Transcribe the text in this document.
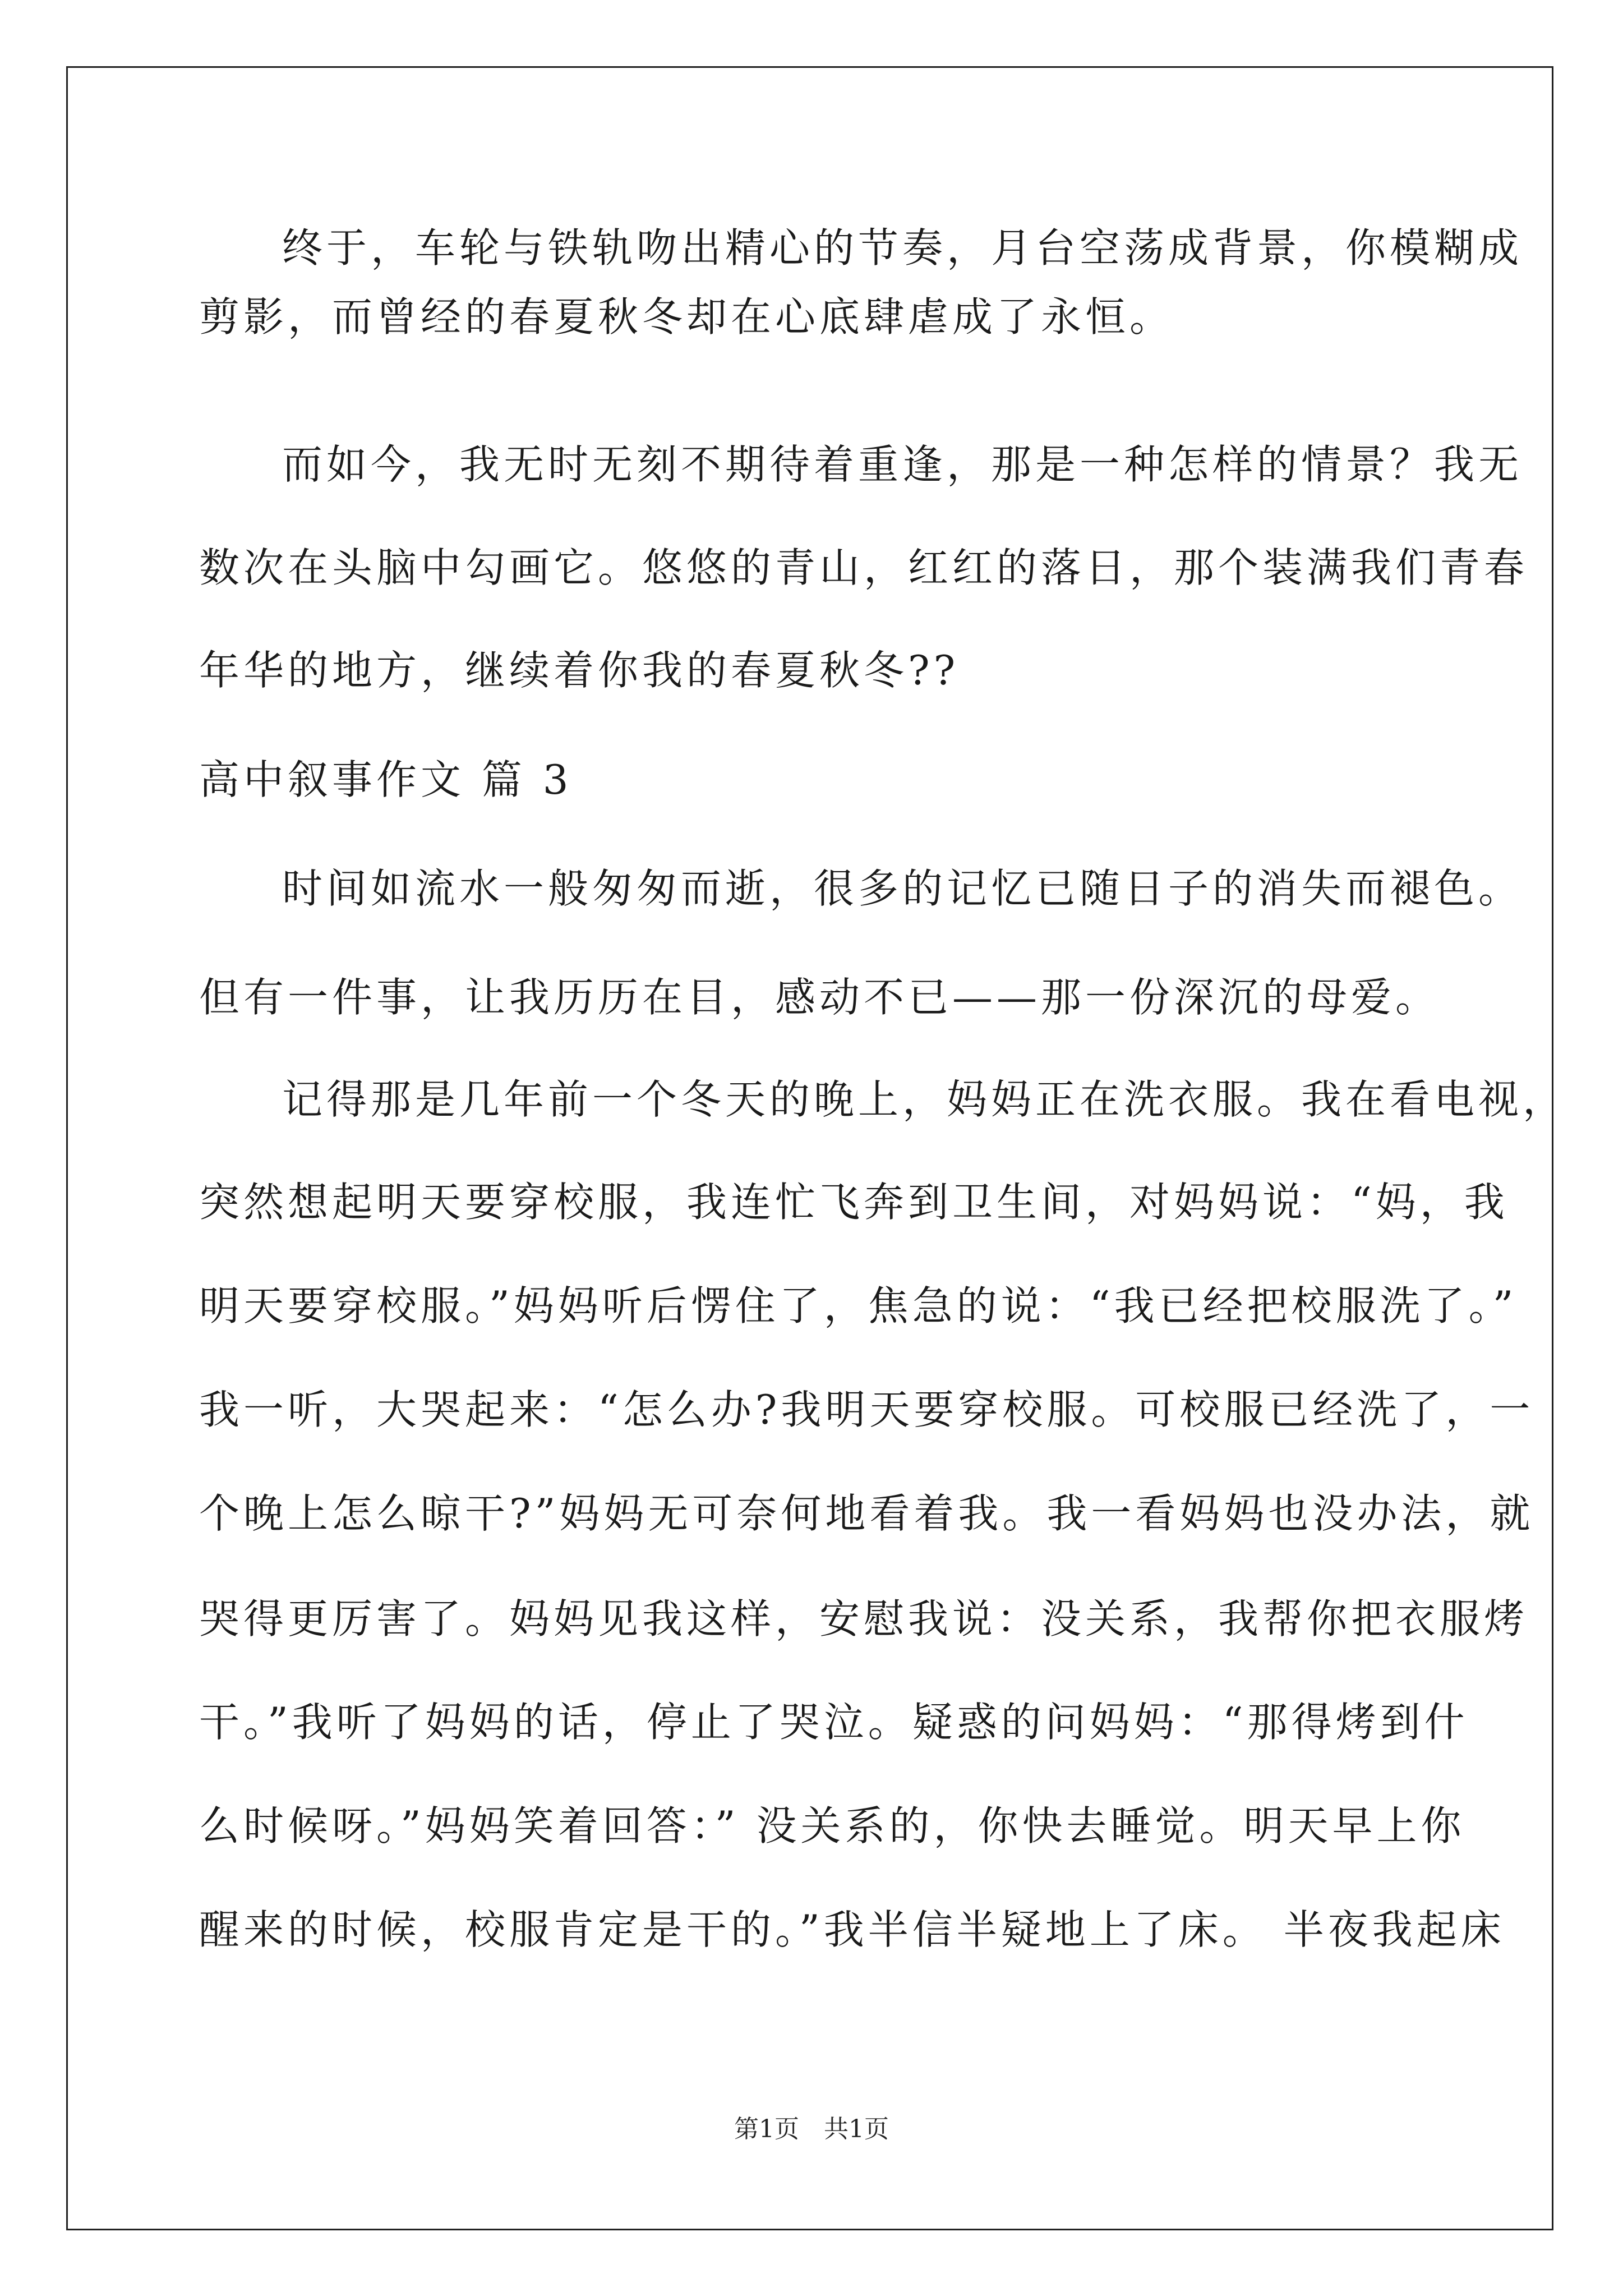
终于，车轮与铁轨吻出精心的节奏，月台空荡成背景，你模糊成
剪影，而曾经的春夏秋冬却在心底肆虐成了永恒。
而如今，我无时无刻不期待着重逢，那是一种怎样的情景？我无
数次在头脑中勾画它。悠悠的青山，红红的落日，那个装满我们青春
年华的地方，继续着你我的春夏秋冬??
高中叙事作文 篇 3
时间如流水一般匆匆而逝，很多的记忆已随日子的消失而褪色。
但有一件事，让我历历在目，感动不已——那一份深沉的母爱。
记得那是几年前一个冬天的晚上，妈妈正在洗衣服。我在看电视，
突然想起明天要穿校服，我连忙飞奔到卫生间，对妈妈说：“妈，我
明天要穿校服。”妈妈听后愣住了，焦急的说：“我已经把校服洗了。”
我一听，大哭起来：“怎么办?我明天要穿校服。可校服已经洗了，一
个晚上怎么晾干?”妈妈无可奈何地看着我。我一看妈妈也没办法，就
哭得更厉害了。妈妈见我这样，安慰我说：没关系，我帮你把衣服烤
干。”我听了妈妈的话，停止了哭泣。疑惑的问妈妈：“那得烤到什
么时候呀。”妈妈笑着回答：” 没关系的，你快去睡觉。明天早上你
醒来的时候，校服肯定是干的。”我半信半疑地上了床。 半夜我起床
第1页　共1页
